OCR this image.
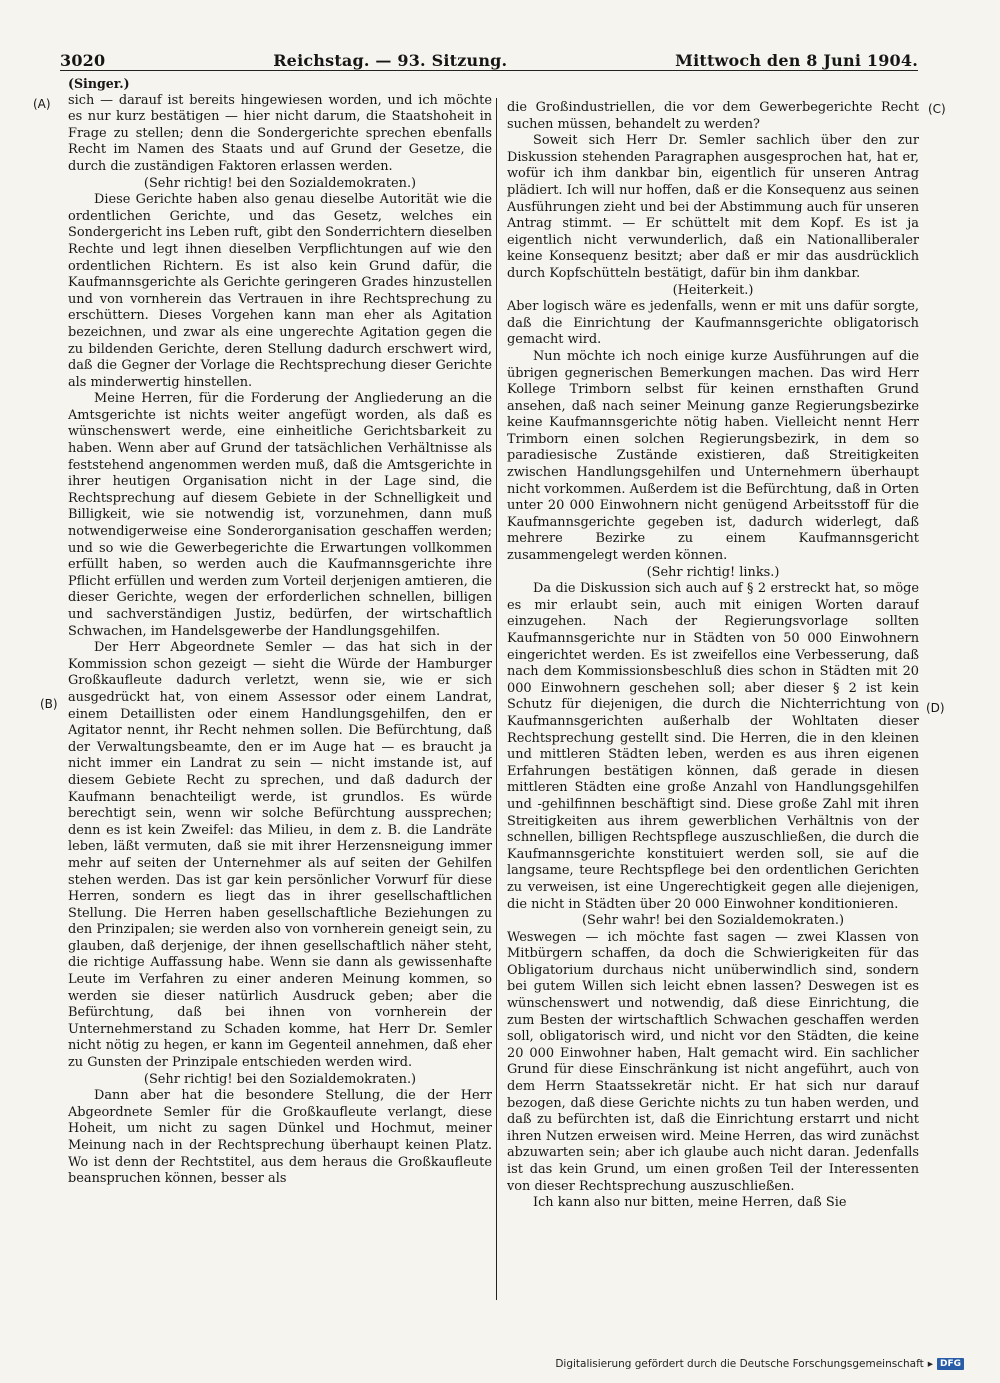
3020	Reichstag. — 93. Sitzung.	Mittwoch den 8 Juni 1904.
(A)
(B)
(C)
(D)

(Singer.)

sich — darauf ist bereits hingewiesen worden, und ich möchte es nur kurz bestätigen — hier nicht darum, die Staatshoheit in Frage zu stellen; denn die Sondergerichte sprechen ebenfalls Recht im Namen des Staats und auf Grund der Gesetze, die durch die zuständigen Faktoren erlassen werden.

(Sehr richtig! bei den Sozialdemokraten.)

Diese Gerichte haben also genau dieselbe Autorität wie die ordentlichen Gerichte, und das Gesetz, welches ein Sondergericht ins Leben ruft, gibt den Sonderrichtern dieselben Rechte und legt ihnen dieselben Verpflichtungen auf wie den ordentlichen Richtern. Es ist also kein Grund dafür, die Kaufmannsgerichte als Gerichte geringeren Grades hinzustellen und von vornherein das Vertrauen in ihre Rechtsprechung zu erschüttern. Dieses Vorgehen kann man eher als Agitation bezeichnen, und zwar als eine ungerechte Agitation gegen die zu bildenden Gerichte, deren Stellung dadurch erschwert wird, daß die Gegner der Vorlage die Rechtsprechung dieser Gerichte als minderwertig hinstellen.

Meine Herren, für die Forderung der Angliederung an die Amtsgerichte ist nichts weiter angefügt worden, als daß es wünschenswert werde, eine einheitliche Gerichtsbarkeit zu haben. Wenn aber auf Grund der tatsächlichen Verhältnisse als feststehend angenommen werden muß, daß die Amtsgerichte in ihrer heutigen Organisation nicht in der Lage sind, die Rechtsprechung auf diesem Gebiete in der Schnelligkeit und Billigkeit, wie sie notwendig ist, vorzunehmen, dann muß notwendigerweise eine Sonderorganisation geschaffen werden; und so wie die Gewerbegerichte die Erwartungen vollkommen erfüllt haben, so werden auch die Kaufmannsgerichte ihre Pflicht erfüllen und werden zum Vorteil derjenigen amtieren, die dieser Gerichte, wegen der erforderlichen schnellen, billigen und sachverständigen Justiz, bedürfen, der wirtschaftlich Schwachen, im Handelsgewerbe der Handlungsgehilfen.

Der Herr Abgeordnete Semler — das hat sich in der Kommission schon gezeigt — sieht die Würde der Hamburger Großkaufleute dadurch verletzt, wenn sie, wie er sich ausgedrückt hat, von einem Assessor oder einem Landrat, einem Detaillisten oder einem Handlungsgehilfen, den er Agitator nennt, ihr Recht nehmen sollen. Die Befürchtung, daß der Verwaltungsbeamte, den er im Auge hat — es braucht ja nicht immer ein Landrat zu sein — nicht imstande ist, auf diesem Gebiete Recht zu sprechen, und daß dadurch der Kaufmann benachteiligt werde, ist grundlos. Es würde berechtigt sein, wenn wir solche Befürchtung aussprechen; denn es ist kein Zweifel: das Milieu, in dem z. B. die Landräte leben, läßt vermuten, daß sie mit ihrer Herzensneigung immer mehr auf seiten der Unternehmer als auf seiten der Gehilfen stehen werden. Das ist gar kein persönlicher Vorwurf für diese Herren, sondern es liegt das in ihrer gesellschaftlichen Stellung. Die Herren haben gesellschaftliche Beziehungen zu den Prinzipalen; sie werden also von vornherein geneigt sein, zu glauben, daß derjenige, der ihnen gesellschaftlich näher steht, die richtige Auffassung habe. Wenn sie dann als gewissenhafte Leute im Verfahren zu einer anderen Meinung kommen, so werden sie dieser natürlich Ausdruck geben; aber die Befürchtung, daß bei ihnen von vornherein der Unternehmerstand zu Schaden komme, hat Herr Dr. Semler nicht nötig zu hegen, er kann im Gegenteil annehmen, daß eher zu Gunsten der Prinzipale entschieden werden wird.

(Sehr richtig! bei den Sozialdemokraten.)

Dann aber hat die besondere Stellung, die der Herr Abgeordnete Semler für die Großkaufleute verlangt, diese Hoheit, um nicht zu sagen Dünkel und Hochmut, meiner Meinung nach in der Rechtsprechung überhaupt keinen Platz. Wo ist denn der Rechtstitel, aus dem heraus die Großkaufleute beanspruchen können, besser als

die Großindustriellen, die vor dem Gewerbegerichte Recht suchen müssen, behandelt zu werden?

Soweit sich Herr Dr. Semler sachlich über den zur Diskussion stehenden Paragraphen ausgesprochen hat, hat er, wofür ich ihm dankbar bin, eigentlich für unseren Antrag plädiert. Ich will nur hoffen, daß er die Konsequenz aus seinen Ausführungen zieht und bei der Abstimmung auch für unseren Antrag stimmt. — Er schüttelt mit dem Kopf. Es ist ja eigentlich nicht verwunderlich, daß ein Nationalliberaler keine Konsequenz besitzt; aber daß er mir das ausdrücklich durch Kopfschütteln bestätigt, dafür bin ihm dankbar.

(Heiterkeit.)

Aber logisch wäre es jedenfalls, wenn er mit uns dafür sorgte, daß die Einrichtung der Kaufmannsgerichte obligatorisch gemacht wird.

Nun möchte ich noch einige kurze Ausführungen auf die übrigen gegnerischen Bemerkungen machen. Das wird Herr Kollege Trimborn selbst für keinen ernsthaften Grund ansehen, daß nach seiner Meinung ganze Regierungsbezirke keine Kaufmannsgerichte nötig haben. Vielleicht nennt Herr Trimborn einen solchen Regierungsbezirk, in dem so paradiesische Zustände existieren, daß Streitigkeiten zwischen Handlungsgehilfen und Unternehmern überhaupt nicht vorkommen. Außerdem ist die Befürchtung, daß in Orten unter 20 000 Einwohnern nicht genügend Arbeitsstoff für die Kaufmannsgerichte gegeben ist, dadurch widerlegt, daß mehrere Bezirke zu einem Kaufmannsgericht zusammengelegt werden können.

(Sehr richtig! links.)

Da die Diskussion sich auch auf § 2 erstreckt hat, so möge es mir erlaubt sein, auch mit einigen Worten darauf einzugehen. Nach der Regierungsvorlage sollten Kaufmannsgerichte nur in Städten von 50 000 Einwohnern eingerichtet werden. Es ist zweifellos eine Verbesserung, daß nach dem Kommissionsbeschluß dies schon in Städten mit 20 000 Einwohnern geschehen soll; aber dieser § 2 ist kein Schutz für diejenigen, die durch die Nichterrichtung von Kaufmannsgerichten außerhalb der Wohltaten dieser Rechtsprechung gestellt sind. Die Herren, die in den kleinen und mittleren Städten leben, werden es aus ihren eigenen Erfahrungen bestätigen können, daß gerade in diesen mittleren Städten eine große Anzahl von Handlungsgehilfen und -gehilfinnen beschäftigt sind. Diese große Zahl mit ihren Streitigkeiten aus ihrem gewerblichen Verhältnis von der schnellen, billigen Rechtspflege auszuschließen, die durch die Kaufmannsgerichte konstituiert werden soll, sie auf die langsame, teure Rechtspflege bei den ordentlichen Gerichten zu verweisen, ist eine Ungerechtigkeit gegen alle diejenigen, die nicht in Städten über 20 000 Einwohner konditionieren.

(Sehr wahr! bei den Sozialdemokraten.)

Weswegen — ich möchte fast sagen — zwei Klassen von Mitbürgern schaffen, da doch die Schwierigkeiten für das Obligatorium durchaus nicht unüberwindlich sind, sondern bei gutem Willen sich leicht ebnen lassen? Deswegen ist es wünschenswert und notwendig, daß diese Einrichtung, die zum Besten der wirtschaftlich Schwachen geschaffen werden soll, obligatorisch wird, und nicht vor den Städten, die keine 20 000 Einwohner haben, Halt gemacht wird. Ein sachlicher Grund für diese Einschränkung ist nicht angeführt, auch von dem Herrn Staatssekretär nicht. Er hat sich nur darauf bezogen, daß diese Gerichte nichts zu tun haben werden, und daß zu befürchten ist, daß die Einrichtung erstarrt und nicht ihren Nutzen erweisen wird. Meine Herren, das wird zunächst abzuwarten sein; aber ich glaube auch nicht daran. Jedenfalls ist das kein Grund, um einen großen Teil der Interessenten von dieser Rechtsprechung auszuschließen.

Ich kann also nur bitten, meine Herren, daß Sie

Digitalisierung gefördert durch die Deutsche Forschungsgemeinschaft ▸ DFG
